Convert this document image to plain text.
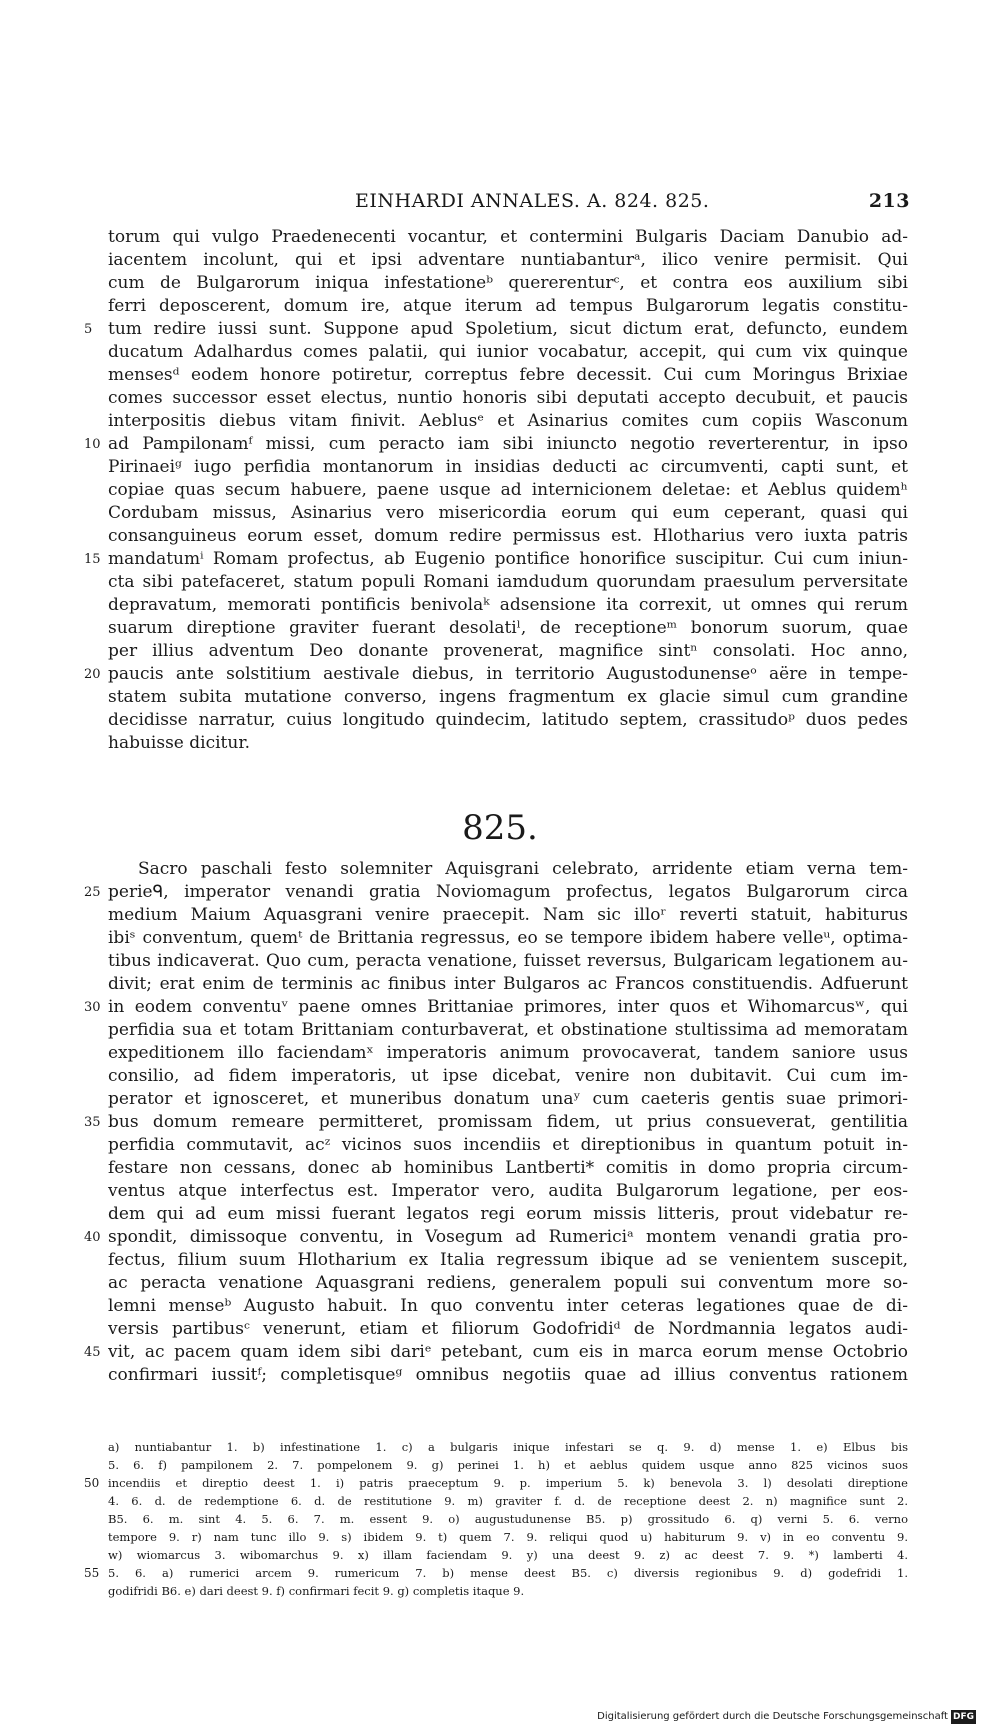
EINHARDI ANNALES. A. 824. 825.	213
torum qui vulgo Praedenecenti vocantur, et contermini Bulgaris Daciam Danubio ad-
iacentem incolunt, qui et ipsi adventare nuntiabanturᵃ, ilico venire permisit. Qui
cum de Bulgarorum iniqua infestationeᵇ quererenturᶜ, et contra eos auxilium sibi
ferri deposcerent, domum ire, atque iterum ad tempus Bulgarorum legatis constitu-
5 tum redire iussi sunt. Suppone apud Spoletium, sicut dictum erat, defuncto, eundem
ducatum Adalhardus comes palatii, qui iunior vocabatur, accepit, qui cum vix quinque
mensesᵈ eodem honore potiretur, correptus febre decessit. Cui cum Moringus Brixiae
comes successor esset electus, nuntio honoris sibi deputati accepto decubuit, et paucis
interpositis diebus vitam finivit. Aeblusᵉ et Asinarius comites cum copiis Wasconum
10 ad Pampilonamᶠ missi, cum peracto iam sibi iniuncto negotio reverterentur, in ipso
Pirinaeiᵍ iugo perfidia montanorum in insidias deducti ac circumventi, capti sunt, et
copiae quas secum habuere, paene usque ad internicionem deletae: et Aeblus quidemʰ
Cordubam missus, Asinarius vero misericordia eorum qui eum ceperant, quasi qui
consanguineus eorum esset, domum redire permissus est. Hlotharius vero iuxta patris
15 mandatumⁱ Romam profectus, ab Eugenio pontifice honorifice suscipitur. Cui cum iniun-
cta sibi patefaceret, statum populi Romani iamdudum quorundam praesulum perversitate
depravatum, memorati pontificis benivolaᵏ adsensione ita correxit, ut omnes qui rerum
suarum direptione graviter fuerant desolatiˡ, de receptioneᵐ bonorum suorum, quae
per illius adventum Deo donante provenerat, magnifice sintⁿ consolati. Hoc anno,
20 paucis ante solstitium aestivale diebus, in territorio Augustodunenseᵒ aëre in tempe-
statem subita mutatione converso, ingens fragmentum ex glacie simul cum grandine
decidisse narratur, cuius longitudo quindecim, latitudo septem, crassitudoᵖ duos pedes
habuisse dicitur.
825.
Sacro paschali festo solemniter Aquisgrani celebrato, arridente etiam verna tem-
25 perieᑫ, imperator venandi gratia Noviomagum profectus, legatos Bulgarorum circa
medium Maium Aquasgrani venire praecepit. Nam sic illoʳ reverti statuit, habiturus
ibiˢ conventum, quemᵗ de Brittania regressus, eo se tempore ibidem habere velleᵘ, optima-
tibus indicaverat. Quo cum, peracta venatione, fuisset reversus, Bulgaricam legationem au-
divit; erat enim de terminis ac finibus inter Bulgaros ac Francos constituendis. Adfuerunt
30 in eodem conventuᵛ paene omnes Brittaniae primores, inter quos et Wihomarcusʷ, qui
perfidia sua et totam Brittaniam conturbaverat, et obstinatione stultissima ad memoratam
expeditionem illo faciendamˣ imperatoris animum provocaverat, tandem saniore usus
consilio, ad fidem imperatoris, ut ipse dicebat, venire non dubitavit. Cui cum im-
perator et ignosceret, et muneribus donatum unaʸ cum caeteris gentis suae primori-
35 bus domum remeare permitteret, promissam fidem, ut prius consueverat, gentilitia
perfidia commutavit, acᶻ vicinos suos incendiis et direptionibus in quantum potuit in-
festare non cessans, donec ab hominibus Lantberti* comitis in domo propria circum-
ventus atque interfectus est. Imperator vero, audita Bulgarorum legatione, per eos-
dem qui ad eum missi fuerant legatos regi eorum missis litteris, prout videbatur re-
40 spondit, dimissoque conventu, in Vosegum ad Rumericiᵃ montem venandi gratia pro-
fectus, filium suum Hlotharium ex Italia regressum ibique ad se venientem suscepit,
ac peracta venatione Aquasgrani rediens, generalem populi sui conventum more so-
lemni menseᵇ Augusto habuit. In quo conventu inter ceteras legationes quae de di-
versis partibusᶜ venerunt, etiam et filiorum Godofridiᵈ de Nordmannia legatos audi-
45 vit, ac pacem quam idem sibi dariᵉ petebant, cum eis in marca eorum mense Octobrio
confirmari iussitᶠ; completisqueᵍ omnibus negotiis quae ad illius conventus rationem
a) nuntiabantur 1. b) infestinatione 1. c) a bulgaris inique infestari se q. 9. d) mense 1. e) Elbus bis
5. 6. f) pampilonem 2. 7. pompelonem 9. g) perinei 1. h) et aeblus quidem usque anno 825 vicinos suos
50 incendiis et direptio deest 1. i) patris praeceptum 9. p. imperium 5. k) benevola 3. l) desolati direptione
4. 6. d. de redemptione 6. d. de restitutione 9. m) graviter f. d. de receptione deest 2. n) magnifice sunt 2.
B5. 6. m. sint 4. 5. 6. 7. m. essent 9. o) augustudunense B5. p) grossitudo 6. q) verni 5. 6. verno
tempore 9. r) nam tunc illo 9. s) ibidem 9. t) quem 7. 9. reliqui quod u) habiturum 9. v) in eo conventu 9.
w) wiomarcus 3. wibomarchus 9. x) illam faciendam 9. y) una deest 9. z) ac deest 7. 9. *) lamberti 4.
55 5. 6. a) rumerici arcem 9. rumericum 7. b) mense deest B5. c) diversis regionibus 9. d) godefridi 1.
godifridi B6. e) dari deest 9. f) confirmari fecit 9. g) completis itaque 9.
Digitalisierung gefördert durch die Deutsche Forschungsgemeinschaft DFG
